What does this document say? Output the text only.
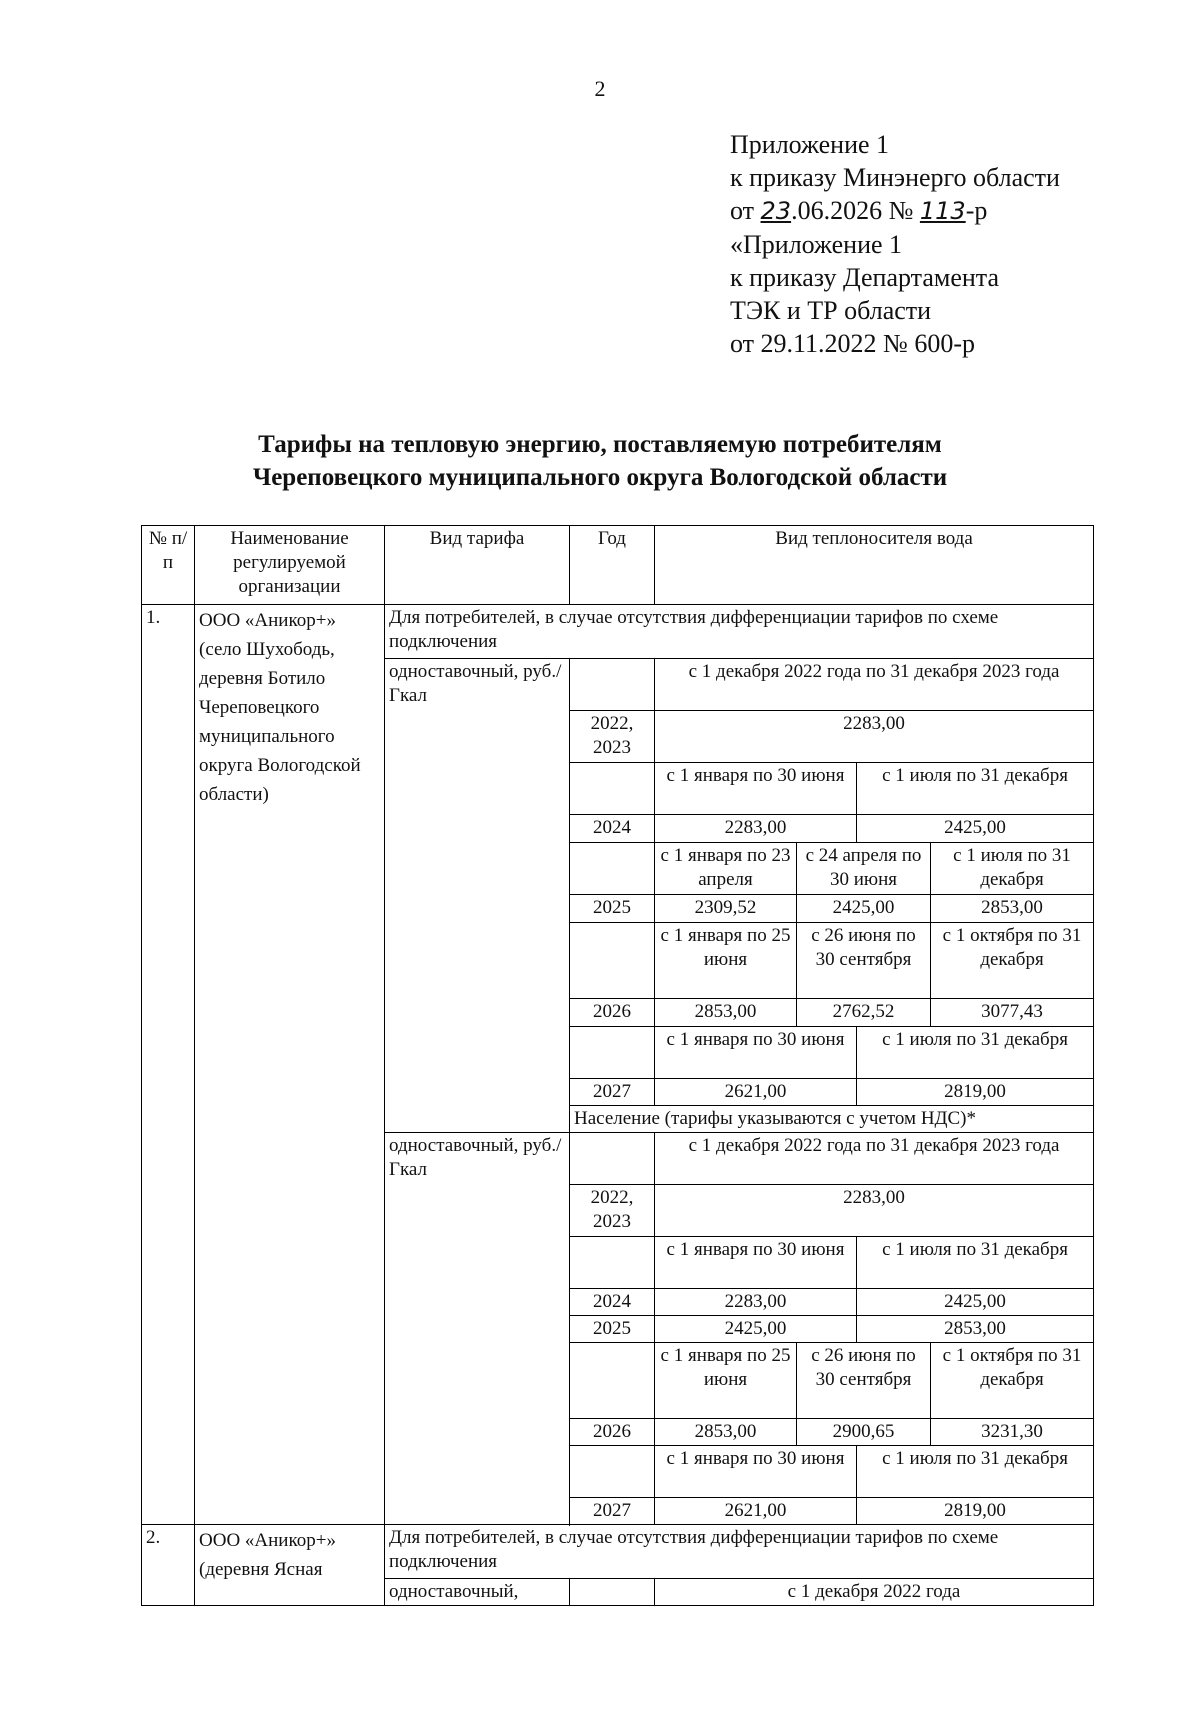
2
Приложение 1
к приказу Минэнерго области
от 23.06.2026 № 113-р
«Приложение 1
к приказу Департамента
ТЭК и ТР области
от 29.11.2022 № 600-р
Тарифы на тепловую энергию, поставляемую потребителям
Череповецкого муниципального округа Вологодской области
№ п/п	Наименование регулируемой организации	Вид тарифа	Год	Вид теплоносителя вода			
1.	ООО «Аникор+» (село Шухободь, деревня Ботило Череповецкого муниципального округа Вологодской области)	Для потребителей, в случае отсутствия дифференциации тарифов по схеме подключения					
		одноставочный, руб./Гкал		с 1 декабря 2022 года по 31 декабря 2023 года			
			2022, 2023	2283,00			
				с 1 января по 30 июня		с 1 июля по 31 декабря	
			2024	2283,00		2425,00	
				с 1 января по 23 апреля	с 24 апреля по 30 июня		с 1 июля по 31 декабря
			2025	2309,52	2425,00		2853,00
				с 1 января по 25 июня	с 26 июня по 30 сентября		с 1 октября по 31 декабря
			2026	2853,00	2762,52		3077,43
				с 1 января по 30 июня		с 1 июля по 31 декабря	
			2027	2621,00		2819,00	
			Население (тарифы указываются с учетом НДС)*				
		одноставочный, руб./Гкал		с 1 декабря 2022 года по 31 декабря 2023 года			
			2022, 2023	2283,00			
				с 1 января по 30 июня		с 1 июля по 31 декабря	
			2024	2283,00		2425,00	
			2025	2425,00		2853,00	
				с 1 января по 25 июня	с 26 июня по 30 сентября		с 1 октября по 31 декабря
			2026	2853,00	2900,65		3231,30
				с 1 января по 30 июня		с 1 июля по 31 декабря	
			2027	2621,00		2819,00	

2.	ООО «Аникор+» (деревня Ясная	Для потребителей, в случае отсутствия дифференциации тарифов по схеме подключения					
		одноставочный,		с 1 декабря 2022 года			
